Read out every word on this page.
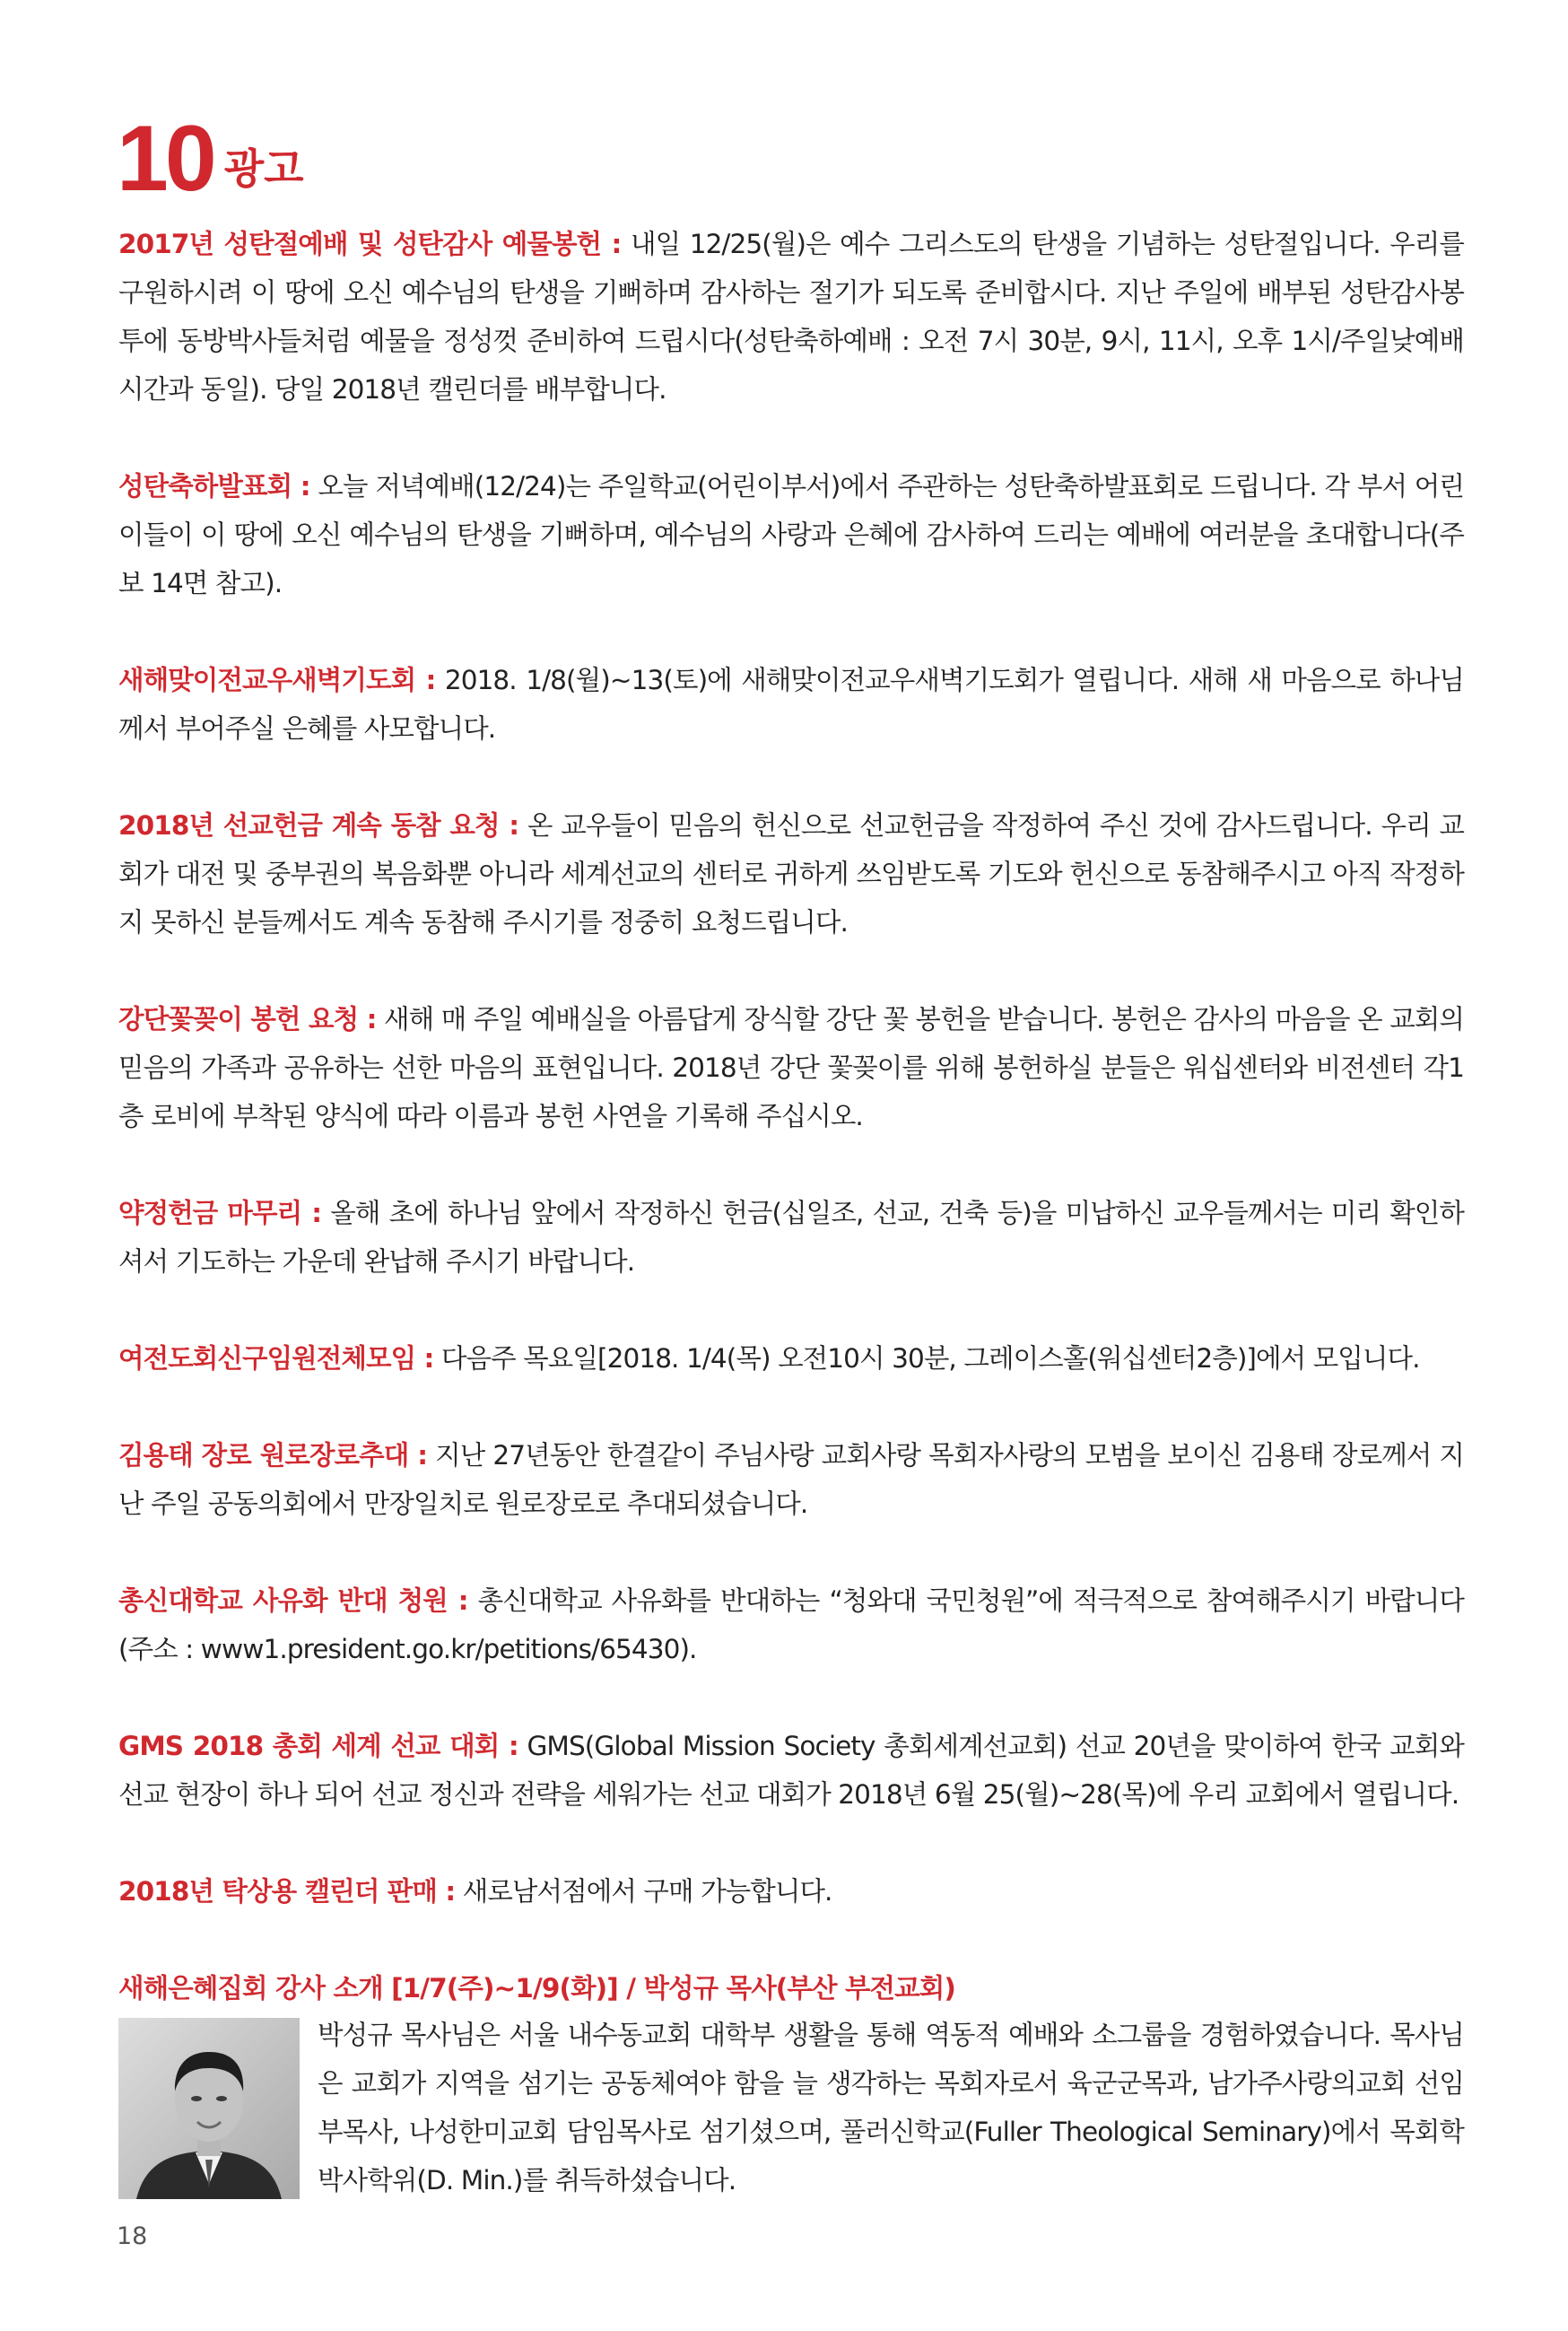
10 광고

2017년 성탄절예배 및 성탄감사 예물봉헌 : 내일 12/25(월)은 예수 그리스도의 탄생을 기념하는 성탄절입니다. 우리를 구원하시려 이 땅에 오신 예수님의 탄생을 기뻐하며 감사하는 절기가 되도록 준비합시다. 지난 주일에 배부된 성탄감사봉투에 동방박사들처럼 예물을 정성껏 준비하여 드립시다(성탄축하예배 : 오전 7시 30분, 9시, 11시, 오후 1시/주일낮예배 시간과 동일). 당일 2018년 캘린더를 배부합니다.

성탄축하발표회 : 오늘 저녁예배(12/24)는 주일학교(어린이부서)에서 주관하는 성탄축하발표회로 드립니다. 각 부서 어린이들이 이 땅에 오신 예수님의 탄생을 기뻐하며, 예수님의 사랑과 은혜에 감사하여 드리는 예배에 여러분을 초대합니다(주보 14면 참고).

새해맞이전교우새벽기도회 : 2018. 1/8(월)~13(토)에 새해맞이전교우새벽기도회가 열립니다. 새해 새 마음으로 하나님께서 부어주실 은혜를 사모합니다.

2018년 선교헌금 계속 동참 요청 : 온 교우들이 믿음의 헌신으로 선교헌금을 작정하여 주신 것에 감사드립니다. 우리 교회가 대전 및 중부권의 복음화뿐 아니라 세계선교의 센터로 귀하게 쓰임받도록 기도와 헌신으로 동참해주시고 아직 작정하지 못하신 분들께서도 계속 동참해 주시기를 정중히 요청드립니다.

강단꽃꽂이 봉헌 요청 : 새해 매 주일 예배실을 아름답게 장식할 강단 꽃 봉헌을 받습니다. 봉헌은 감사의 마음을 온 교회의 믿음의 가족과 공유하는 선한 마음의 표현입니다. 2018년 강단 꽃꽂이를 위해 봉헌하실 분들은 워십센터와 비전센터 각1층 로비에 부착된 양식에 따라 이름과 봉헌 사연을 기록해 주십시오.

약정헌금 마무리 : 올해 초에 하나님 앞에서 작정하신 헌금(십일조, 선교, 건축 등)을 미납하신 교우들께서는 미리 확인하셔서 기도하는 가운데 완납해 주시기 바랍니다.

여전도회신구임원전체모임 : 다음주 목요일[2018. 1/4(목) 오전10시 30분, 그레이스홀(워십센터2층)]에서 모입니다.

김용태 장로 원로장로추대 : 지난 27년동안 한결같이 주님사랑 교회사랑 목회자사랑의 모범을 보이신 김용태 장로께서 지난 주일 공동의회에서 만장일치로 원로장로로 추대되셨습니다.

총신대학교 사유화 반대 청원 : 총신대학교 사유화를 반대하는 “청와대 국민청원”에 적극적으로 참여해주시기 바랍니다(주소 : www1.president.go.kr/petitions/65430).

GMS 2018 총회 세계 선교 대회 : GMS(Global Mission Society 총회세계선교회) 선교 20년을 맞이하여 한국 교회와 선교 현장이 하나 되어 선교 정신과 전략을 세워가는 선교 대회가 2018년 6월 25(월)~28(목)에 우리 교회에서 열립니다.

2018년 탁상용 캘린더 판매 : 새로남서점에서 구매 가능합니다.

새해은혜집회 강사 소개 [1/7(주)~1/9(화)] / 박성규 목사(부산 부전교회)

박성규 목사님은 서울 내수동교회 대학부 생활을 통해 역동적 예배와 소그룹을 경험하였습니다. 목사님은 교회가 지역을 섬기는 공동체여야 함을 늘 생각하는 목회자로서 육군군목과, 남가주사랑의교회 선임부목사, 나성한미교회 담임목사로 섬기셨으며, 풀러신학교(Fuller Theological Seminary)에서 목회학 박사학위(D. Min.)를 취득하셨습니다.

18
